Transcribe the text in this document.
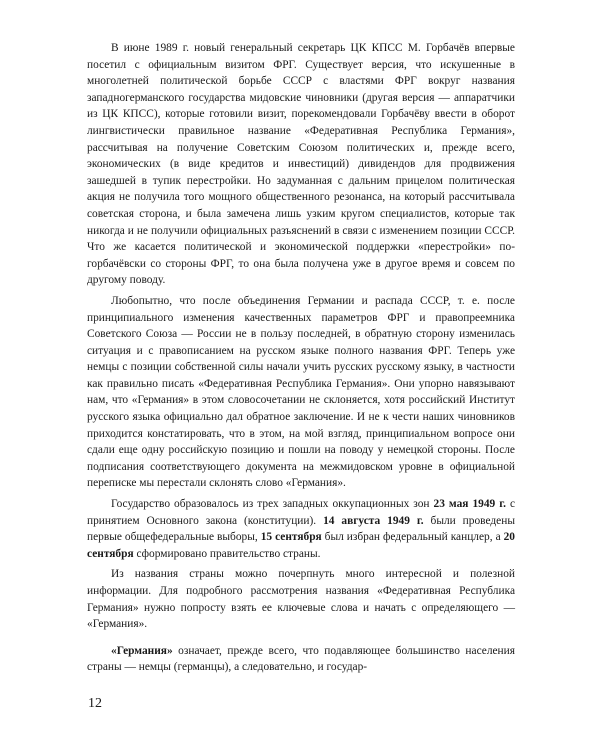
В июне 1989 г. новый генеральный секретарь ЦК КПСС М. Горбачёв впервые посетил с официальным визитом ФРГ. Существует версия, что искушенные в многолетней политической борьбе СССР с властями ФРГ вокруг названия западногерманского государства мидовские чиновники (другая версия — аппаратчики из ЦК КПСС), которые готовили визит, порекомендовали Горбачёву ввести в оборот лингвистически правильное название «Федеративная Республика Германия», рассчитывая на получение Советским Союзом политических и, прежде всего, экономических (в виде кредитов и инвестиций) дивидендов для продвижения зашедшей в тупик перестройки. Но задуманная с дальним прицелом политическая акция не получила того мощного общественного резонанса, на который рассчитывала советская сторона, и была замечена лишь узким кругом специалистов, которые так никогда и не получили официальных разъяснений в связи с изменением позиции СССР. Что же касается политической и экономической поддержки «перестройки» по-горбачёвски со стороны ФРГ, то она была получена уже в другое время и совсем по другому поводу.

Любопытно, что после объединения Германии и распада СССР, т. е. после принципиального изменения качественных параметров ФРГ и правопреемника Советского Союза — России не в пользу последней, в обратную сторону изменилась ситуация и с правописанием на русском языке полного названия ФРГ. Теперь уже немцы с позиции собственной силы начали учить русских русскому языку, в частности как правильно писать «Федеративная Республика Германия». Они упорно навязывают нам, что «Германия» в этом словосочетании не склоняется, хотя российский Институт русского языка официально дал обратное заключение. И не к чести наших чиновников приходится констатировать, что в этом, на мой взгляд, принципиальном вопросе они сдали еще одну российскую позицию и пошли на поводу у немецкой стороны. После подписания соответствующего документа на межмидовском уровне в официальной переписке мы перестали склонять слово «Германия».

Государство образовалось из трех западных оккупационных зон 23 мая 1949 г. с принятием Основного закона (конституции). 14 августа 1949 г. были проведены первые общефедеральные выборы, 15 сентября был избран федеральный канцлер, а 20 сентября сформировано правительство страны.

Из названия страны можно почерпнуть много интересной и полезной информации. Для подробного рассмотрения названия «Федеративная Республика Германия» нужно попросту взять ее ключевые слова и начать с определяющего — «Германия».

«Германия» означает, прежде всего, что подавляющее большинство населения страны — немцы (германцы), а следовательно, и государ-

12
